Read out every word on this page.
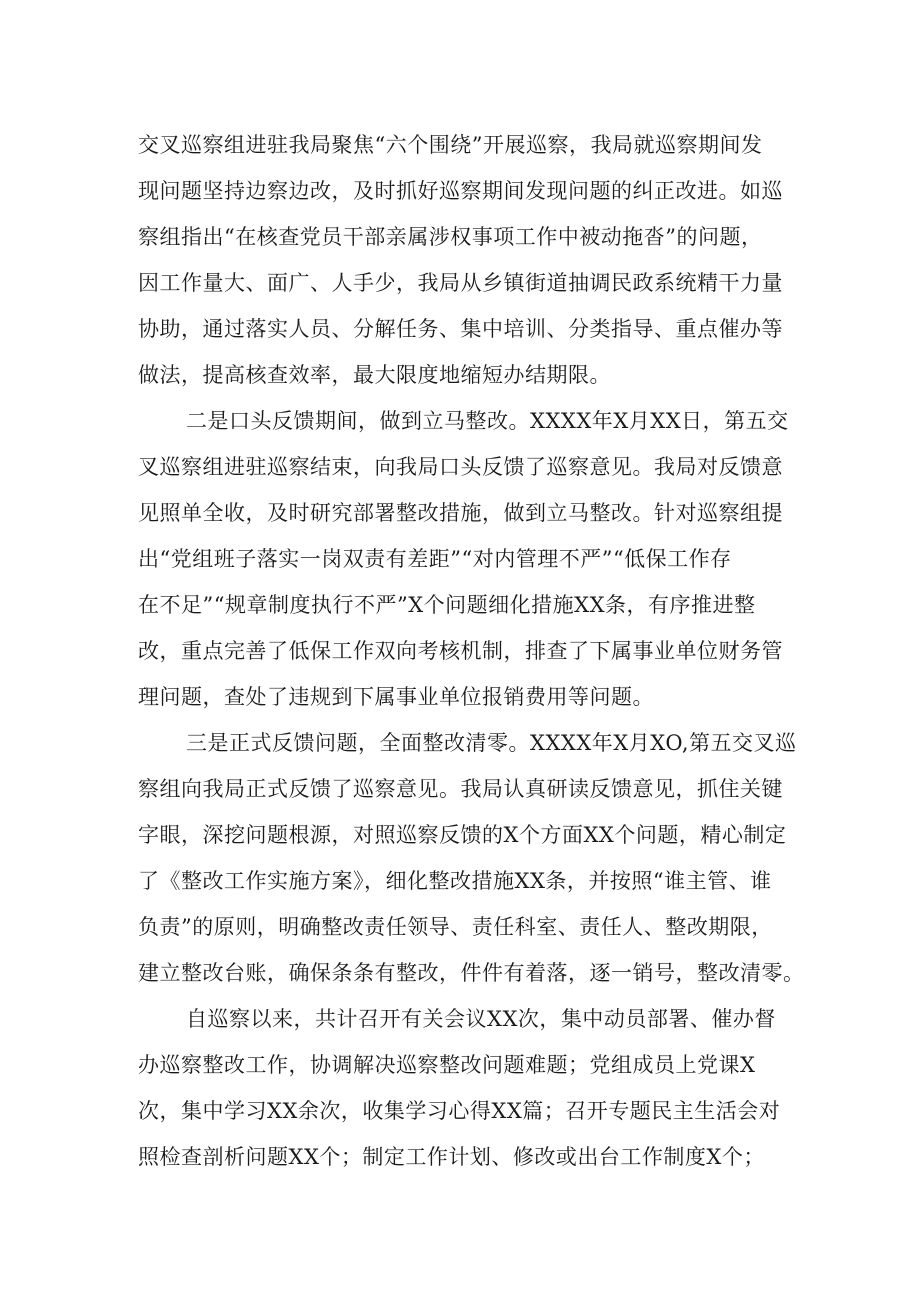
交叉巡察组进驻我局聚焦“六个围绕”开展巡察，我局就巡察期间发
现问题坚持边察边改，及时抓好巡察期间发现问题的纠正改进。如巡
察组指出“在核查党员干部亲属涉权事项工作中被动拖沓”的问题，
因工作量大、面广、人手少，我局从乡镇街道抽调民政系统精干力量
协助，通过落实人员、分解任务、集中培训、分类指导、重点催办等
做法，提高核查效率，最大限度地缩短办结期限。
二是口头反馈期间，做到立马整改。XXXX年X月XX日，第五交
叉巡察组进驻巡察结束，向我局口头反馈了巡察意见。我局对反馈意
见照单全收，及时研究部署整改措施，做到立马整改。针对巡察组提
出“党组班子落实一岗双责有差距”“对内管理不严”“低保工作存
在不足”“规章制度执行不严”X个问题细化措施XX条，有序推进整
改，重点完善了低保工作双向考核机制，排查了下属事业单位财务管
理问题，查处了违规到下属事业单位报销费用等问题。
三是正式反馈问题，全面整改清零。XXXX年X月XO,第五交叉巡
察组向我局正式反馈了巡察意见。我局认真研读反馈意见，抓住关键
字眼，深挖问题根源，对照巡察反馈的X个方面XX个问题，精心制定
了《整改工作实施方案》，细化整改措施XX条，并按照“谁主管、谁
负责”的原则，明确整改责任领导、责任科室、责任人、整改期限，
建立整改台账，确保条条有整改，件件有着落，逐一销号，整改清零。
自巡察以来，共计召开有关会议XX次，集中动员部署、催办督
办巡察整改工作，协调解决巡察整改问题难题；党组成员上党课X
次，集中学习XX余次，收集学习心得XX篇；召开专题民主生活会对
照检查剖析问题XX个；制定工作计划、修改或出台工作制度X个；
